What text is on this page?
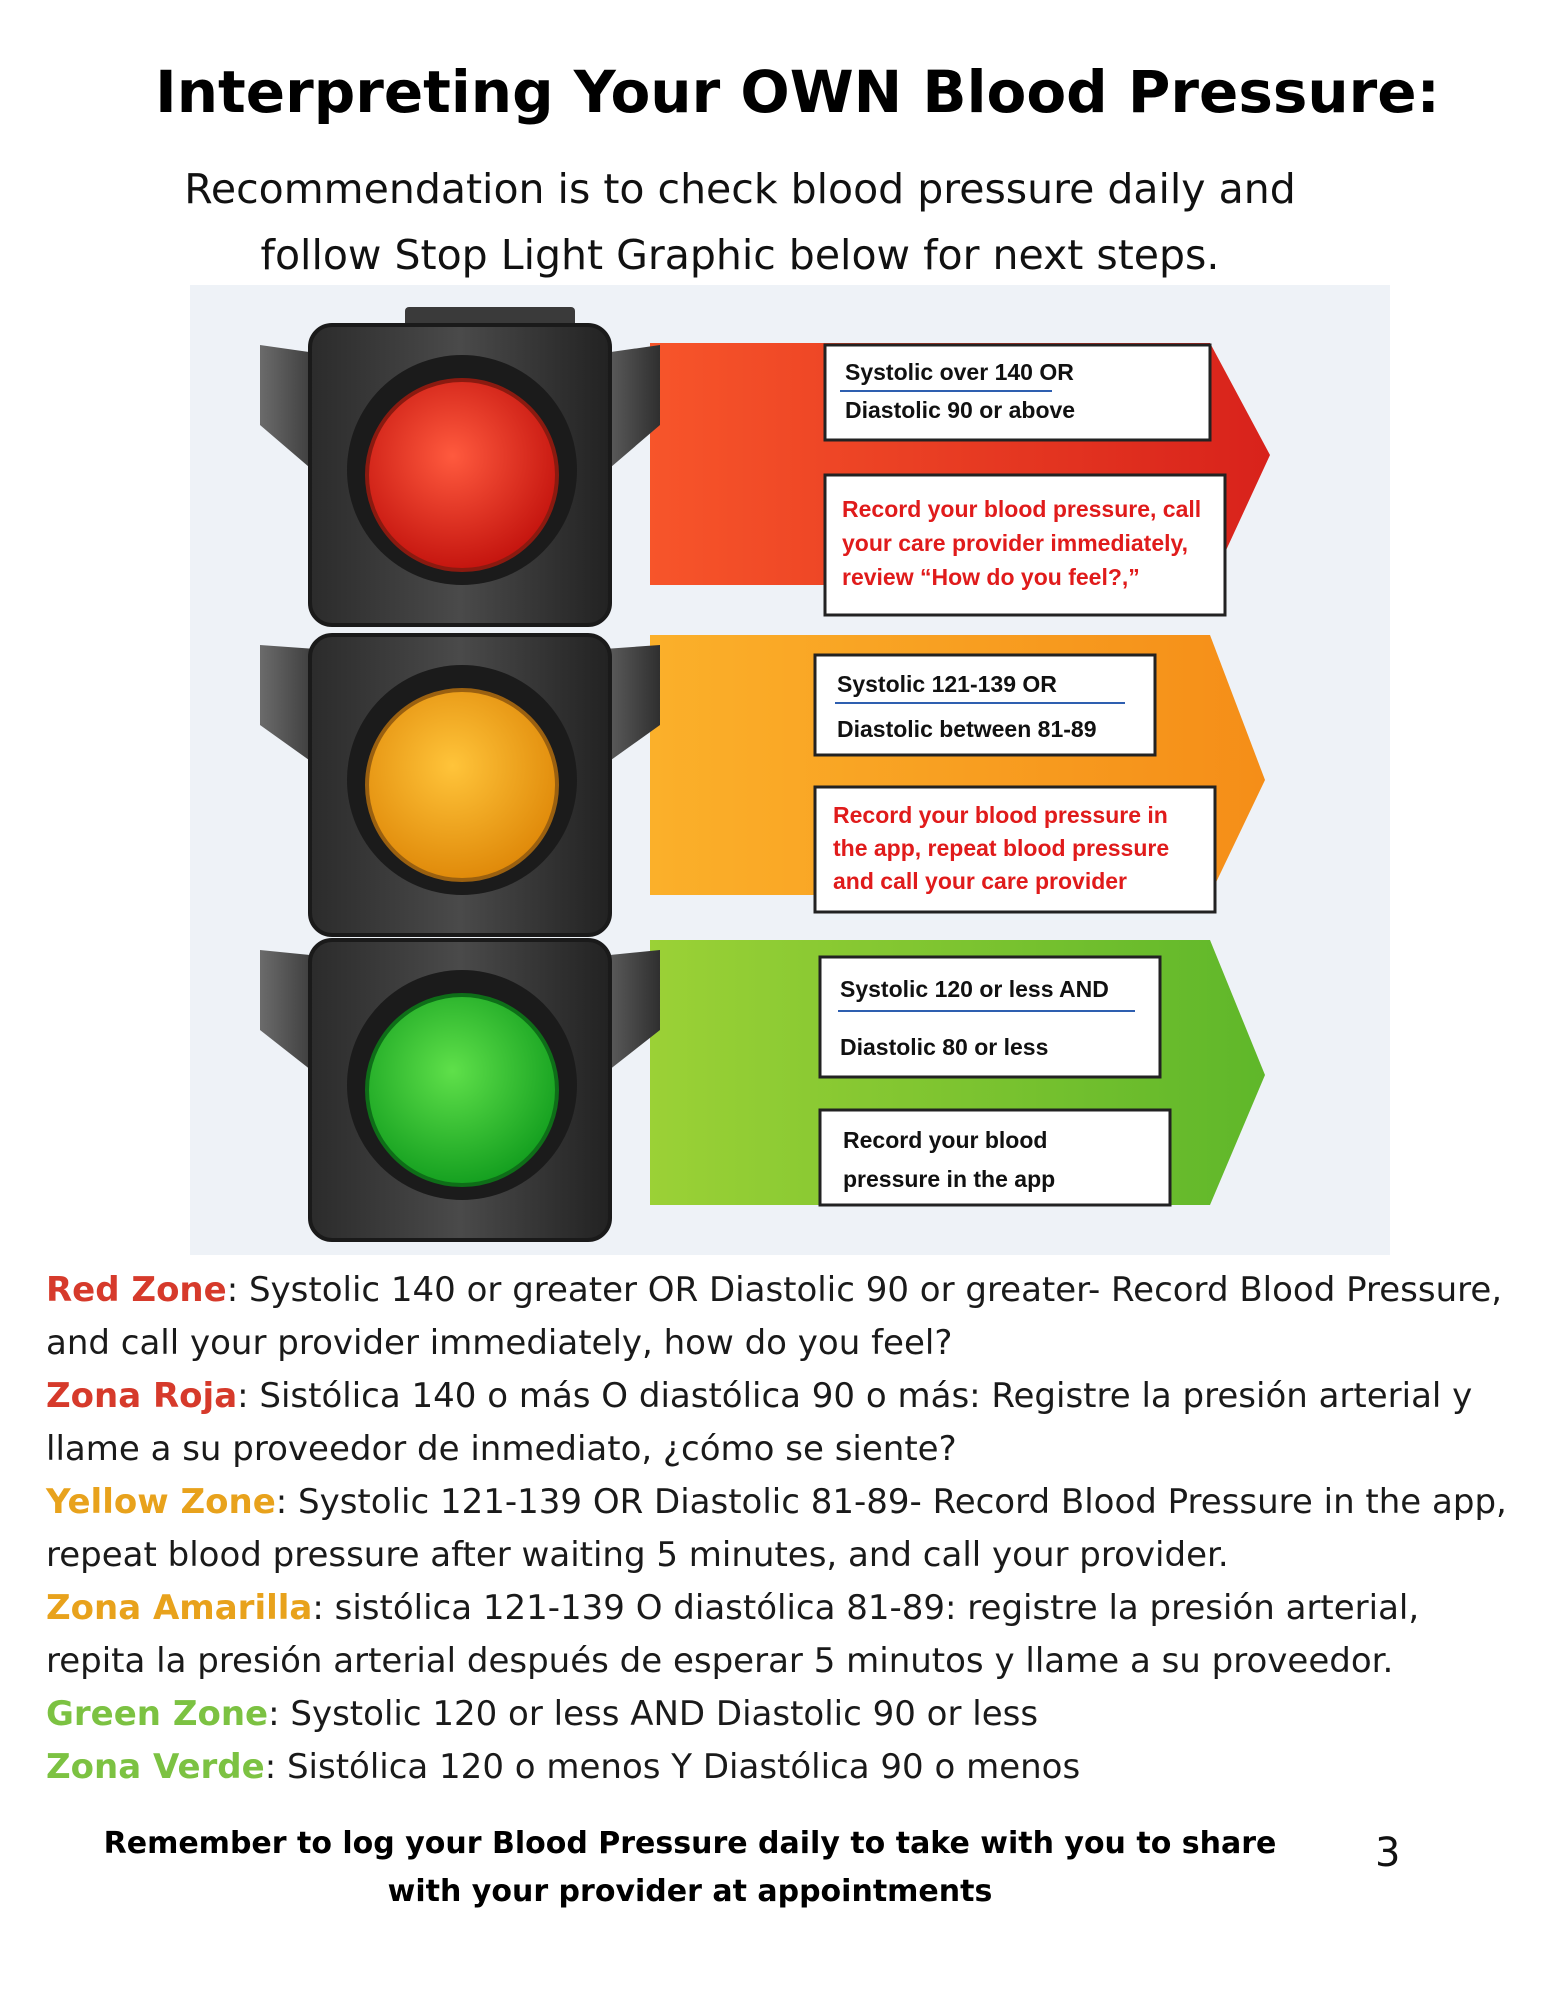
Interpreting Your OWN Blood Pressure:
Recommendation is to check blood pressure daily and
follow Stop Light Graphic below for next steps.
Systolic over 140 OR
Diastolic 90 or above
Record your blood pressure, call
your care provider immediately,
review “How do you feel?,”
Systolic 121-139 OR
Diastolic between 81-89
Record your blood pressure in
the app, repeat blood pressure
and call your care provider
Systolic 120 or less AND
Diastolic 80 or less
Record your blood
pressure in the app

Red Zone: Systolic 140 or greater OR Diastolic 90 or greater- Record Blood Pressure, and call your provider immediately, how do you feel?

Zona Roja: Sistólica 140 o más O diastólica 90 o más: Registre la presión arterial y llame a su proveedor de inmediato, ¿cómo se siente?

Yellow Zone: Systolic 121-139 OR Diastolic 81-89- Record Blood Pressure in the app, repeat blood pressure after waiting 5 minutes, and call your provider.

Zona Amarilla: sistólica 121-139 O diastólica 81-89: registre la presión arterial, repita la presión arterial después de esperar 5 minutos y llame a su proveedor.

Green Zone: Systolic 120 or less AND Diastolic 90 or less

Zona Verde: Sistólica 120 o menos Y Diastólica 90 o menos

Remember to log your Blood Pressure daily to take with you to share
with your provider at appointments
3
